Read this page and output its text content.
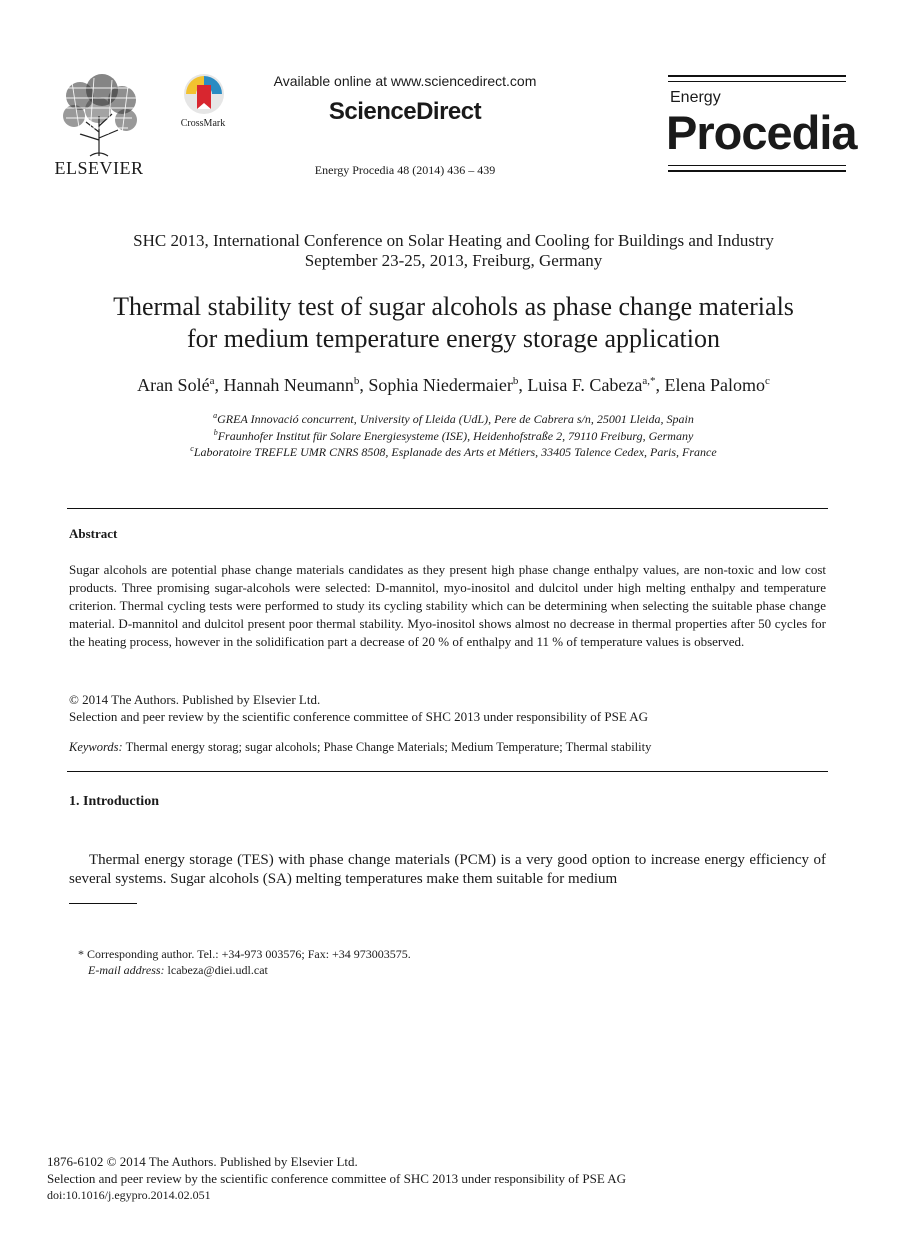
ELSEVIER
CrossMark
Available online at www.sciencedirect.com
ScienceDirect
Energy Procedia 48 (2014) 436 – 439
Energy
Procedia
SHC 2013, International Conference on Solar Heating and Cooling for Buildings and Industry
September 23-25, 2013, Freiburg, Germany
Thermal stability test of sugar alcohols as phase change materials
for medium temperature energy storage application
Aran Solé$^a$, Hannah Neumann$^b$, Sophia Niedermaier$^b$, Luisa F. Cabeza$^{a,*}$, Elena Palomo$^c$
$^a$GREA Innovació concurrent, University of Lleida (UdL), Pere de Cabrera s/n, 25001 Lleida, Spain
$^b$Fraunhofer Institut für Solare Energiesysteme (ISE), Heidenhofstraße 2, 79110 Freiburg, Germany
$^c$Laboratoire TREFLE UMR CNRS 8508, Esplanade des Arts et Métiers, 33405 Talence Cedex, Paris, France
Abstract
Sugar alcohols are potential phase change materials candidates as they present high phase change enthalpy values, are non-toxic and low cost products. Three promising sugar-alcohols were selected: D-mannitol, myo-inositol and dulcitol under high melting enthalpy and temperature criterion. Thermal cycling tests were performed to study its cycling stability which can be determining when selecting the suitable phase change material. D-mannitol and dulcitol present poor thermal stability. Myo-inositol shows almost no decrease in thermal properties after 50 cycles for the heating process, however in the solidification part a decrease of 20 % of enthalpy and 11 % of temperature values is observed.
© 2014 The Authors. Published by Elsevier Ltd.
Selection and peer review by the scientific conference committee of SHC 2013 under responsibility of PSE AG
Keywords: Thermal energy storag; sugar alcohols; Phase Change Materials; Medium Temperature; Thermal stability
1. Introduction
Thermal energy storage (TES) with phase change materials (PCM) is a very good option to increase energy efficiency of several systems. Sugar alcohols (SA) melting temperatures make them suitable for medium
* Corresponding author. Tel.: +34-973 003576; Fax: +34 973003575.
E-mail address: lcabeza@diei.udl.cat
1876-6102 © 2014 The Authors. Published by Elsevier Ltd.
Selection and peer review by the scientific conference committee of SHC 2013 under responsibility of PSE AG
doi:10.1016/j.egypro.2014.02.051
